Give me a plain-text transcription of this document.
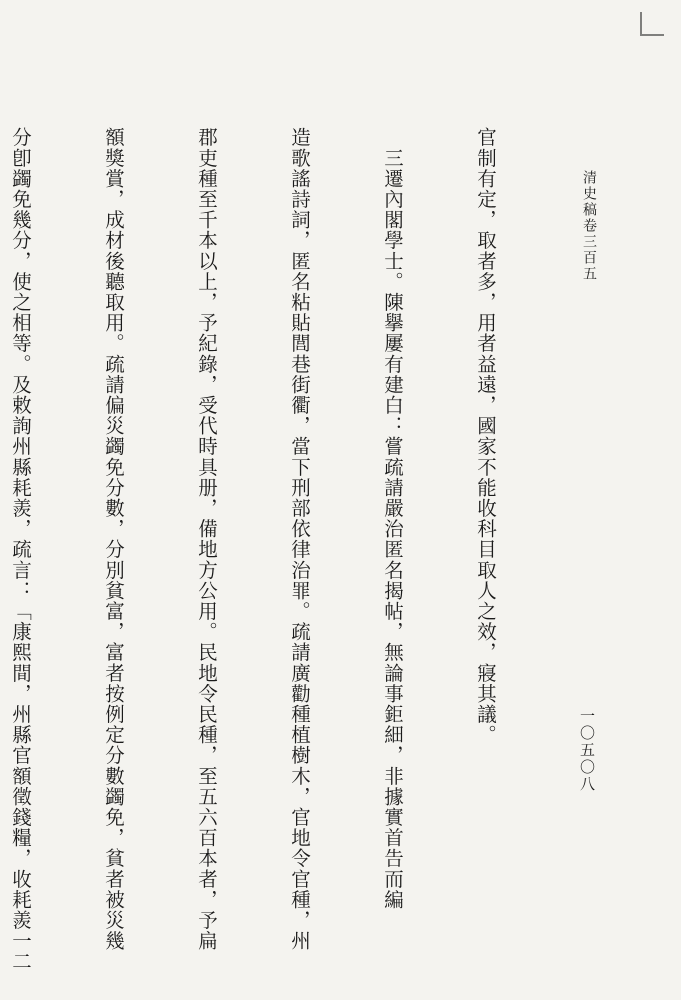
清史稿卷三百五
一〇五〇八

官制有定，取者多，用者益遠，國家不能收科目取人之效，寢其議。

　三遷內閣學士。陳擧屢有建白：嘗疏請嚴治匿名揭帖，無論事鉅細，非據實首告而編

造歌謠詩詞，匿名粘貼閭巷街衢，當下刑部依律治罪。疏請廣勸種植樹木，官地令官種，州

郡吏種至千本以上，予紀錄，受代時具册，備地方公用。民地令民種，至五六百本者，予扁

額獎賞，成材後聽取用。疏請偏災蠲免分數，分別貧富，富者按例定分數蠲免，貧者被災幾

分卽蠲免幾分，使之相等。及敕詢州縣耗羨，疏言：「康熙間，州縣官額徵錢糧，收耗羨一二
